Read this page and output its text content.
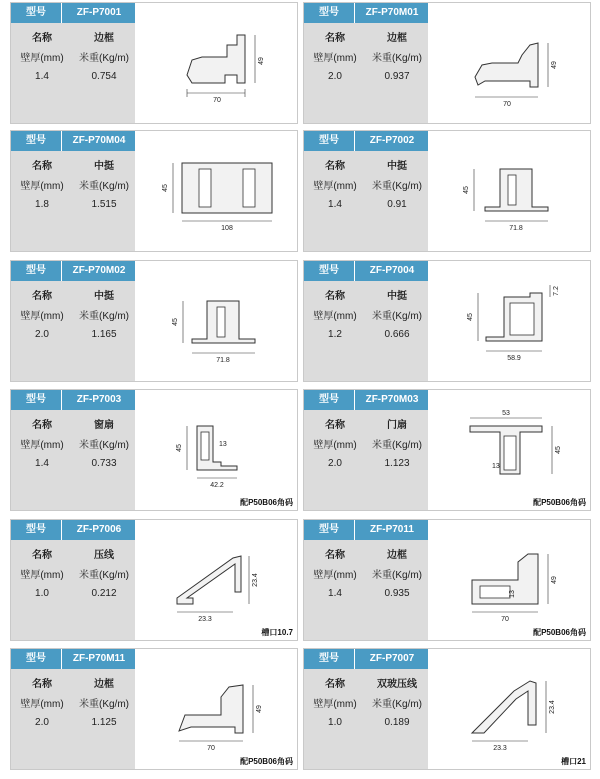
型号	ZF-P7001
名称	边框
壁厚(mm)	米重(Kg/m)
1.4	0.754
70
49
型号	ZF-P70M01
名称	边框
壁厚(mm)	米重(Kg/m)
2.0	0.937
70
49
型号	ZF-P70M04
名称	中挺
壁厚(mm)	米重(Kg/m)
1.8	1.515
108
45
型号	ZF-P7002
名称	中挺
壁厚(mm)	米重(Kg/m)
1.4	0.91
71.8
45
型号	ZF-P70M02
名称	中挺
壁厚(mm)	米重(Kg/m)
2.0	1.165
71.8
45
型号	ZF-P7004
名称	中挺
壁厚(mm)	米重(Kg/m)
1.2	0.666
58.9
45
7.2
型号	ZF-P7003
名称	窗扇
壁厚(mm)	米重(Kg/m)
1.4	0.733
42.2
45	13
配P50B06角码
型号	ZF-P70M03
名称	门扇
壁厚(mm)	米重(Kg/m)
2.0	1.123
53
45
13
配P50B06角码
型号	ZF-P7006
名称	压线
壁厚(mm)	米重(Kg/m)
1.0	0.212
23.3
23.4
槽口10.7
型号	ZF-P7011
名称	边框
壁厚(mm)	米重(Kg/m)
1.4	0.935
70
49
13
配P50B06角码
型号	ZF-P70M11
名称	边框
壁厚(mm)	米重(Kg/m)
2.0	1.125
70
49
配P50B06角码
型号	ZF-P7007
名称	双玻压线
壁厚(mm)	米重(Kg/m)
1.0	0.189
23.3
23.4
槽口21
